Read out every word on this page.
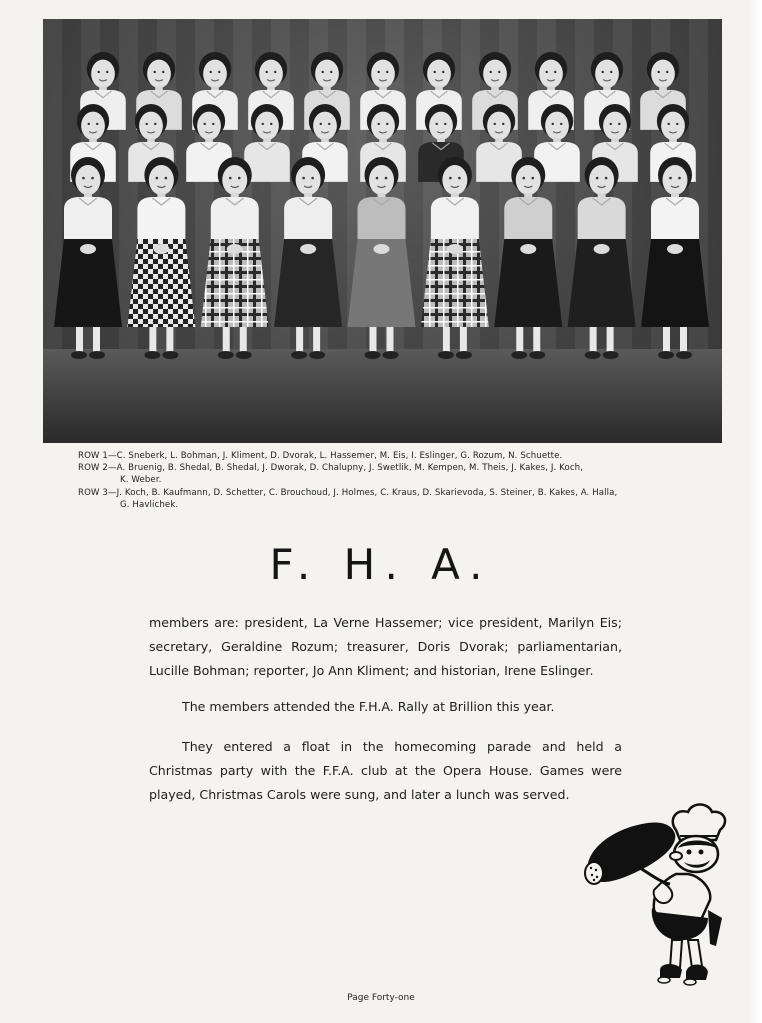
ROW 1—C. Sneberk, L. Bohman, J. Kliment, D. Dvorak, L. Hassemer, M. Eis, I. Eslinger, G. Rozum, N. Schuette.
ROW 2—A. Bruenig, B. Shedal, B. Shedal, J. Dworak, D. Chalupny, J. Swetlik, M. Kempen, M. Theis, J. Kakes, J. Koch,
K. Weber.
ROW 3—J. Koch, B. Kaufmann, D. Schetter, C. Brouchoud, J. Holmes, C. Kraus, D. Skarievoda, S. Steiner, B. Kakes, A. Halla,
G. Havlichek.
F. H. A.

members are: president, La Verne Hassemer; vice president, Marilyn Eis; secretary, Geraldine Rozum; treasurer, Doris Dvorak; parliamentarian, Lucille Bohman; reporter, Jo Ann Kliment; and historian, Irene Eslinger.

The members attended the F.H.A. Rally at Brillion this year.

They entered a float in the homecoming parade and held a Christmas party with the F.F.A. club at the Opera House. Games were played, Christmas Carols were sung, and later a lunch was served.

Page Forty-one
